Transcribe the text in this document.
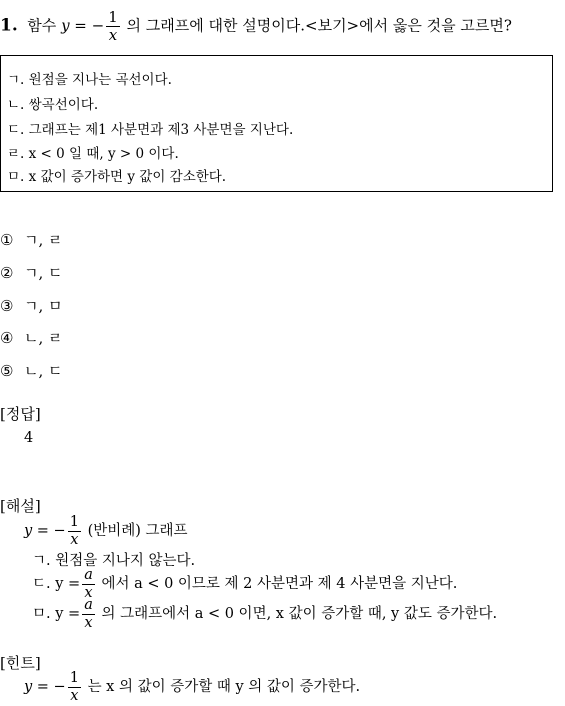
1. 함수 y = − $\frac{1}{x}$ 의 그래프에 대한 설명이다.<보기>에서 옳은 것을 고르면?
ㄱ. 원점을 지나는 곡선이다.
ㄴ. 쌍곡선이다.
ㄷ. 그래프는 제1 사분면과 제3 사분면을 지난다.
ㄹ. x < 0 일 때, y > 0 이다.
ㅁ. x 값이 증가하면 y 값이 감소한다.
① ㄱ, ㄹ
② ㄱ, ㄷ
③ ㄱ, ㅁ
④ ㄴ, ㄹ
⑤ ㄴ, ㄷ
[정답]
4
[해설]
y = − $\frac{1}{x}$ (반비례) 그래프
ㄱ. 원점을 지나지 않는다.
ㄷ. $y = \frac{a}{x}$ 에서 a < 0 이므로 제 2 사분면과 제 4 사분면을 지난다.
ㅁ. $y = \frac{a}{x}$ 의 그래프에서 a < 0 이면, x 값이 증가할 때, y 값도 증가한다.
[힌트]
y = − $\frac{1}{x}$ 는 x 의 값이 증가할 때 y 의 값이 증가한다.
